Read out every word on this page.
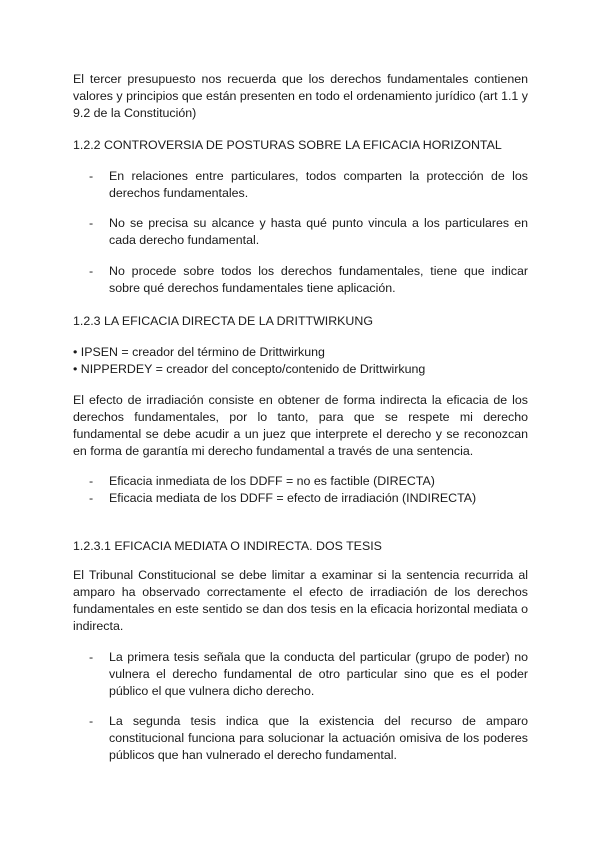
El tercer presupuesto nos recuerda que los derechos fundamentales contienen valores y principios que están presenten en todo el ordenamiento jurídico (art 1.1 y 9.2 de la Constitución)

1.2.2 CONTROVERSIA DE POSTURAS SOBRE LA EFICACIA HORIZONTAL
- En relaciones entre particulares, todos comparten la protección de los derechos fundamentales.
- No se precisa su alcance y hasta qué punto vincula a los particulares en cada derecho fundamental.
- No procede sobre todos los derechos fundamentales, tiene que indicar sobre qué derechos fundamentales tiene aplicación.
1.2.3 LA EFICACIA DIRECTA DE LA DRITTWIRKUNG
• IPSEN = creador del término de Drittwirkung
• NIPPERDEY = creador del concepto/contenido de Drittwirkung

El efecto de irradiación consiste en obtener de forma indirecta la eficacia de los derechos fundamentales, por lo tanto, para que se respete mi derecho fundamental se debe acudir a un juez que interprete el derecho y se reconozcan en forma de garantía mi derecho fundamental a través de una sentencia.

- Eficacia inmediata de los DDFF = no es factible (DIRECTA)
- Eficacia mediata de los DDFF = efecto de irradiación (INDIRECTA)
1.2.3.1 EFICACIA MEDIATA O INDIRECTA. DOS TESIS

El Tribunal Constitucional se debe limitar a examinar si la sentencia recurrida al amparo ha observado correctamente el efecto de irradiación de los derechos fundamentales en este sentido se dan dos tesis en la eficacia horizontal mediata o indirecta.

- La primera tesis señala que la conducta del particular (grupo de poder) no vulnera el derecho fundamental de otro particular sino que es el poder público el que vulnera dicho derecho.
- La segunda tesis indica que la existencia del recurso de amparo constitucional funciona para solucionar la actuación omisiva de los poderes públicos que han vulnerado el derecho fundamental.
